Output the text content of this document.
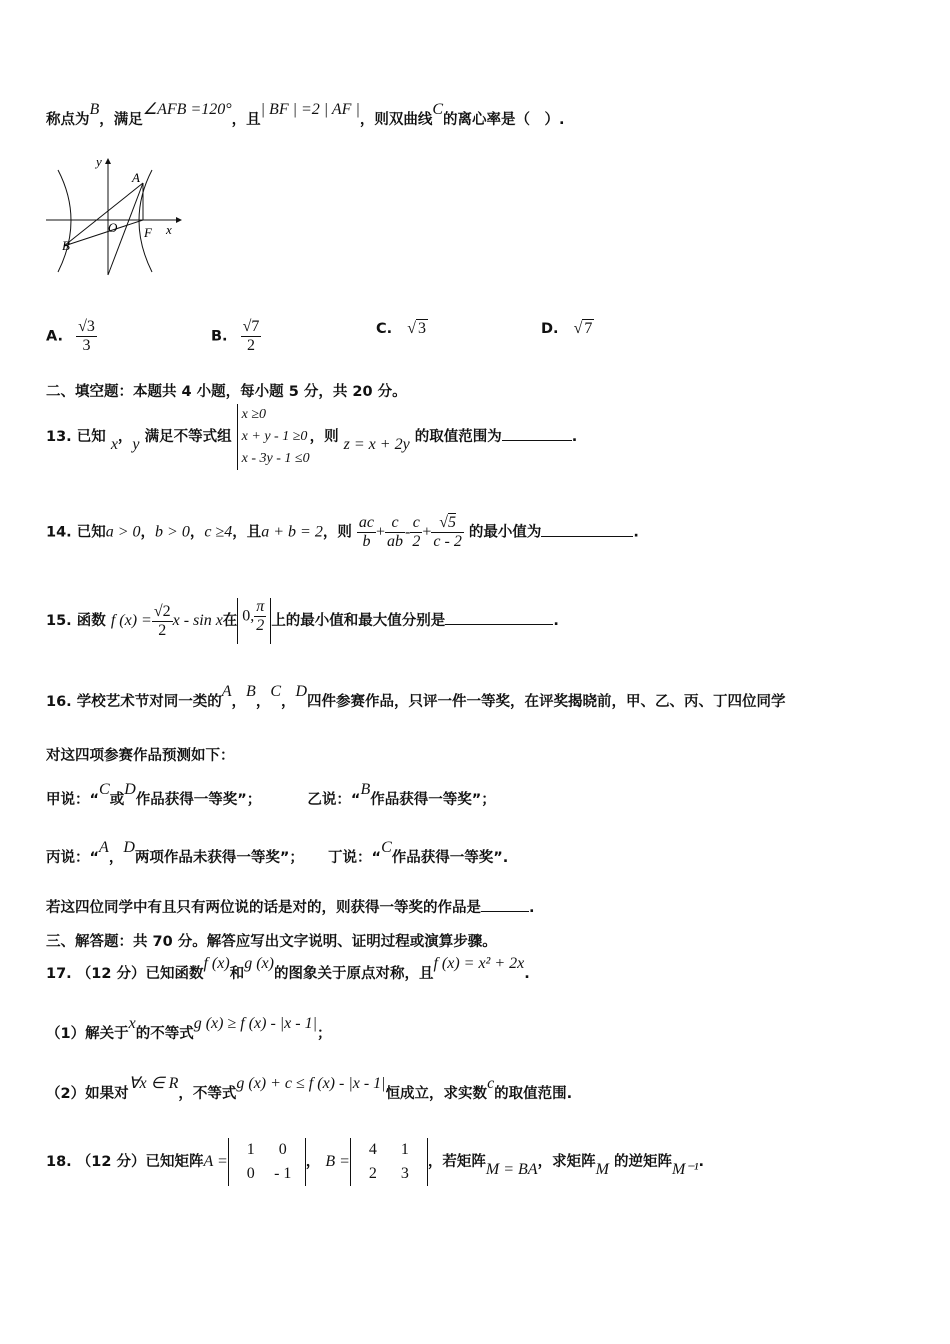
称点为B，满足∠AFB =120°，且| BF | =2 | AF |，则双曲线C的离心率是（　）.
y
A
x
O F
B
A. $\frac{√3}{3}$	B. $\frac{√7}{2}$	C. √ 3	D. √ 7
二、填空题：本题共 4 小题，每小题 5 分，共 20 分。
13. 已知 x，y 满足不等式组
x ≥0
x + y - 1 ≥0
x - 3y - 1 ≤0
，则 z = x + 2y 的取值范围为	.
14. 已知a > 0，b > 0，c ≥4，且a + b = 2，则 $\frac{ac}{b} + \frac{c}{ab} - \frac{c}{2} + \frac{√5}{c - 2}$ 的最小值为	.
15. 函数 f $(x) = \frac{√2}{2}$ x - sin x在 0, $\frac{\pi}{2}$ 上的最小值和最大值分别是	.
16. 学校艺术节对同一类的A，B，C，D四件参赛作品，只评一件一等奖，在评奖揭晓前，甲、乙、丙、丁四位同学
对这四项参赛作品预测如下：
甲说：“C或D作品获得一等奖”；	乙说：“B作品获得一等奖”；
丙说：“A，D两项作品未获得一等奖”； 丁说：“C作品获得一等奖”.
若这四位同学中有且只有两位说的话是对的，则获得一等奖的作品是	.
三、解答题：共 70 分。解答应写出文字说明、证明过程或演算步骤。
17. （12 分）已知函数f (x)和g (x)的图象关于原点对称，且f (x) = x² + 2x.
（1）解关于x的不等式g (x) ≥ f (x) - |x - 1|；
（2）如果对∀x ∈ R，不等式g (x) + c ≤ f (x) - |x - 1|恒成立，求实数c的取值范围.
18. （12 分）已知矩阵A =1 0
0 - 1， B =4 1
2 3，若矩阵M = BA，求矩阵M 的逆矩阵M⁻¹.
